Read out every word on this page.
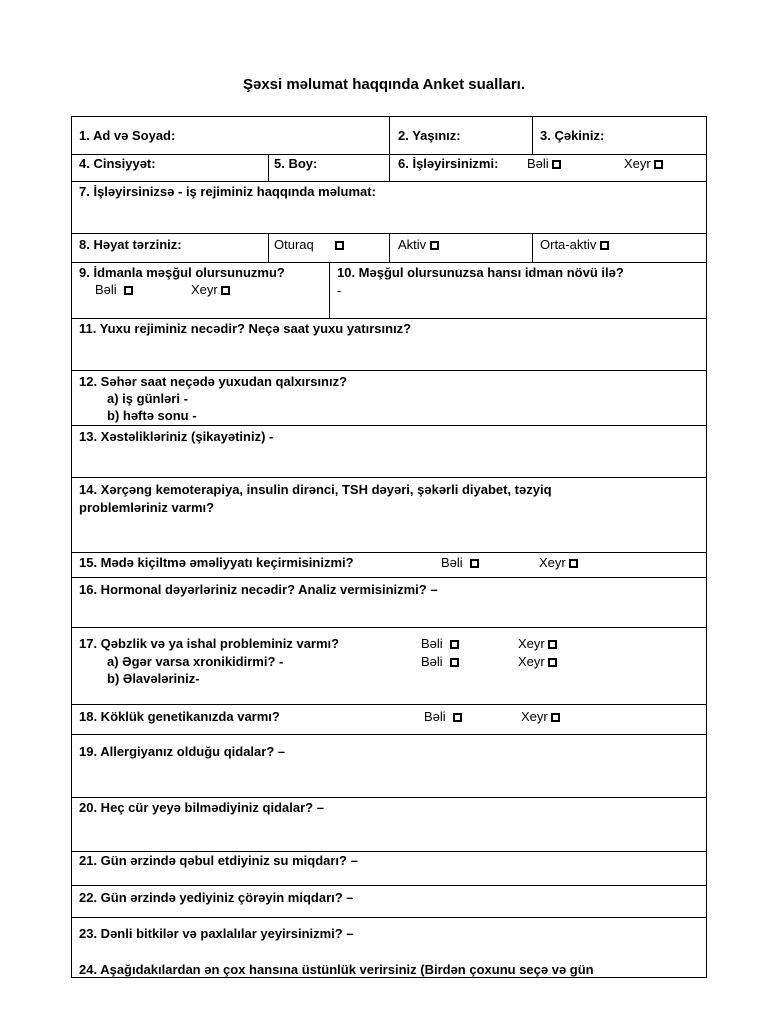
Şəxsi məlumat haqqında Anket sualları.
1. Ad və Soyad:	2. Yaşınız:	3. Çəkiniz:
4. Cinsiyyət:	5. Boy:	6. İşləyirsinizmi: Bəli	Xeyr
7. İşləyirsinizsə - iş rejiminiz haqqında məlumat:
8. Həyat tərziniz:	Oturaq	Aktiv	Orta-aktiv
9. İdmanla məşğul olursunuzmu?
Bəli	Xeyr
10. Məşğul olursunuzsa hansı idman növü ilə?
-
11. Yuxu rejiminiz necədir? Neçə saat yuxu yatırsınız?
12. Səhər saat neçədə yuxudan qalxırsınız?
a) iş günləri -
b) həftə sonu -
13. Xəstəlikləriniz (şikayətiniz) -
14. Xərçəng kemoterapiya, insulin dirənci, TSH dəyəri, şəkərli diyabet, təzyiq
problemləriniz varmı?
15. Mədə kiçiltmə əməliyyatı keçirmisinizmi?	Bəli	Xeyr
16. Hormonal dəyərləriniz necədir? Analiz vermisinizmi? –
17. Qəbzlik və ya ishal probleminiz varmı?	Bəli	Xeyr
a) Əgər varsa xronikidirmi? -	Bəli	Xeyr
b) Əlavələriniz-
18. Köklük genetikanızda varmı?	Bəli	Xeyr
19. Allergiyanız olduğu qidalar? –
20. Heç cür yeyə bilmədiyiniz qidalar? –
21. Gün ərzində qəbul etdiyiniz su miqdarı? –
22. Gün ərzində yediyiniz çörəyin miqdarı? –
23. Dənli bitkilər və paxlalılar yeyirsinizmi? –
24. Aşağıdakılardan ən çox hansına üstünlük verirsiniz (Birdən çoxunu seçə və gün
